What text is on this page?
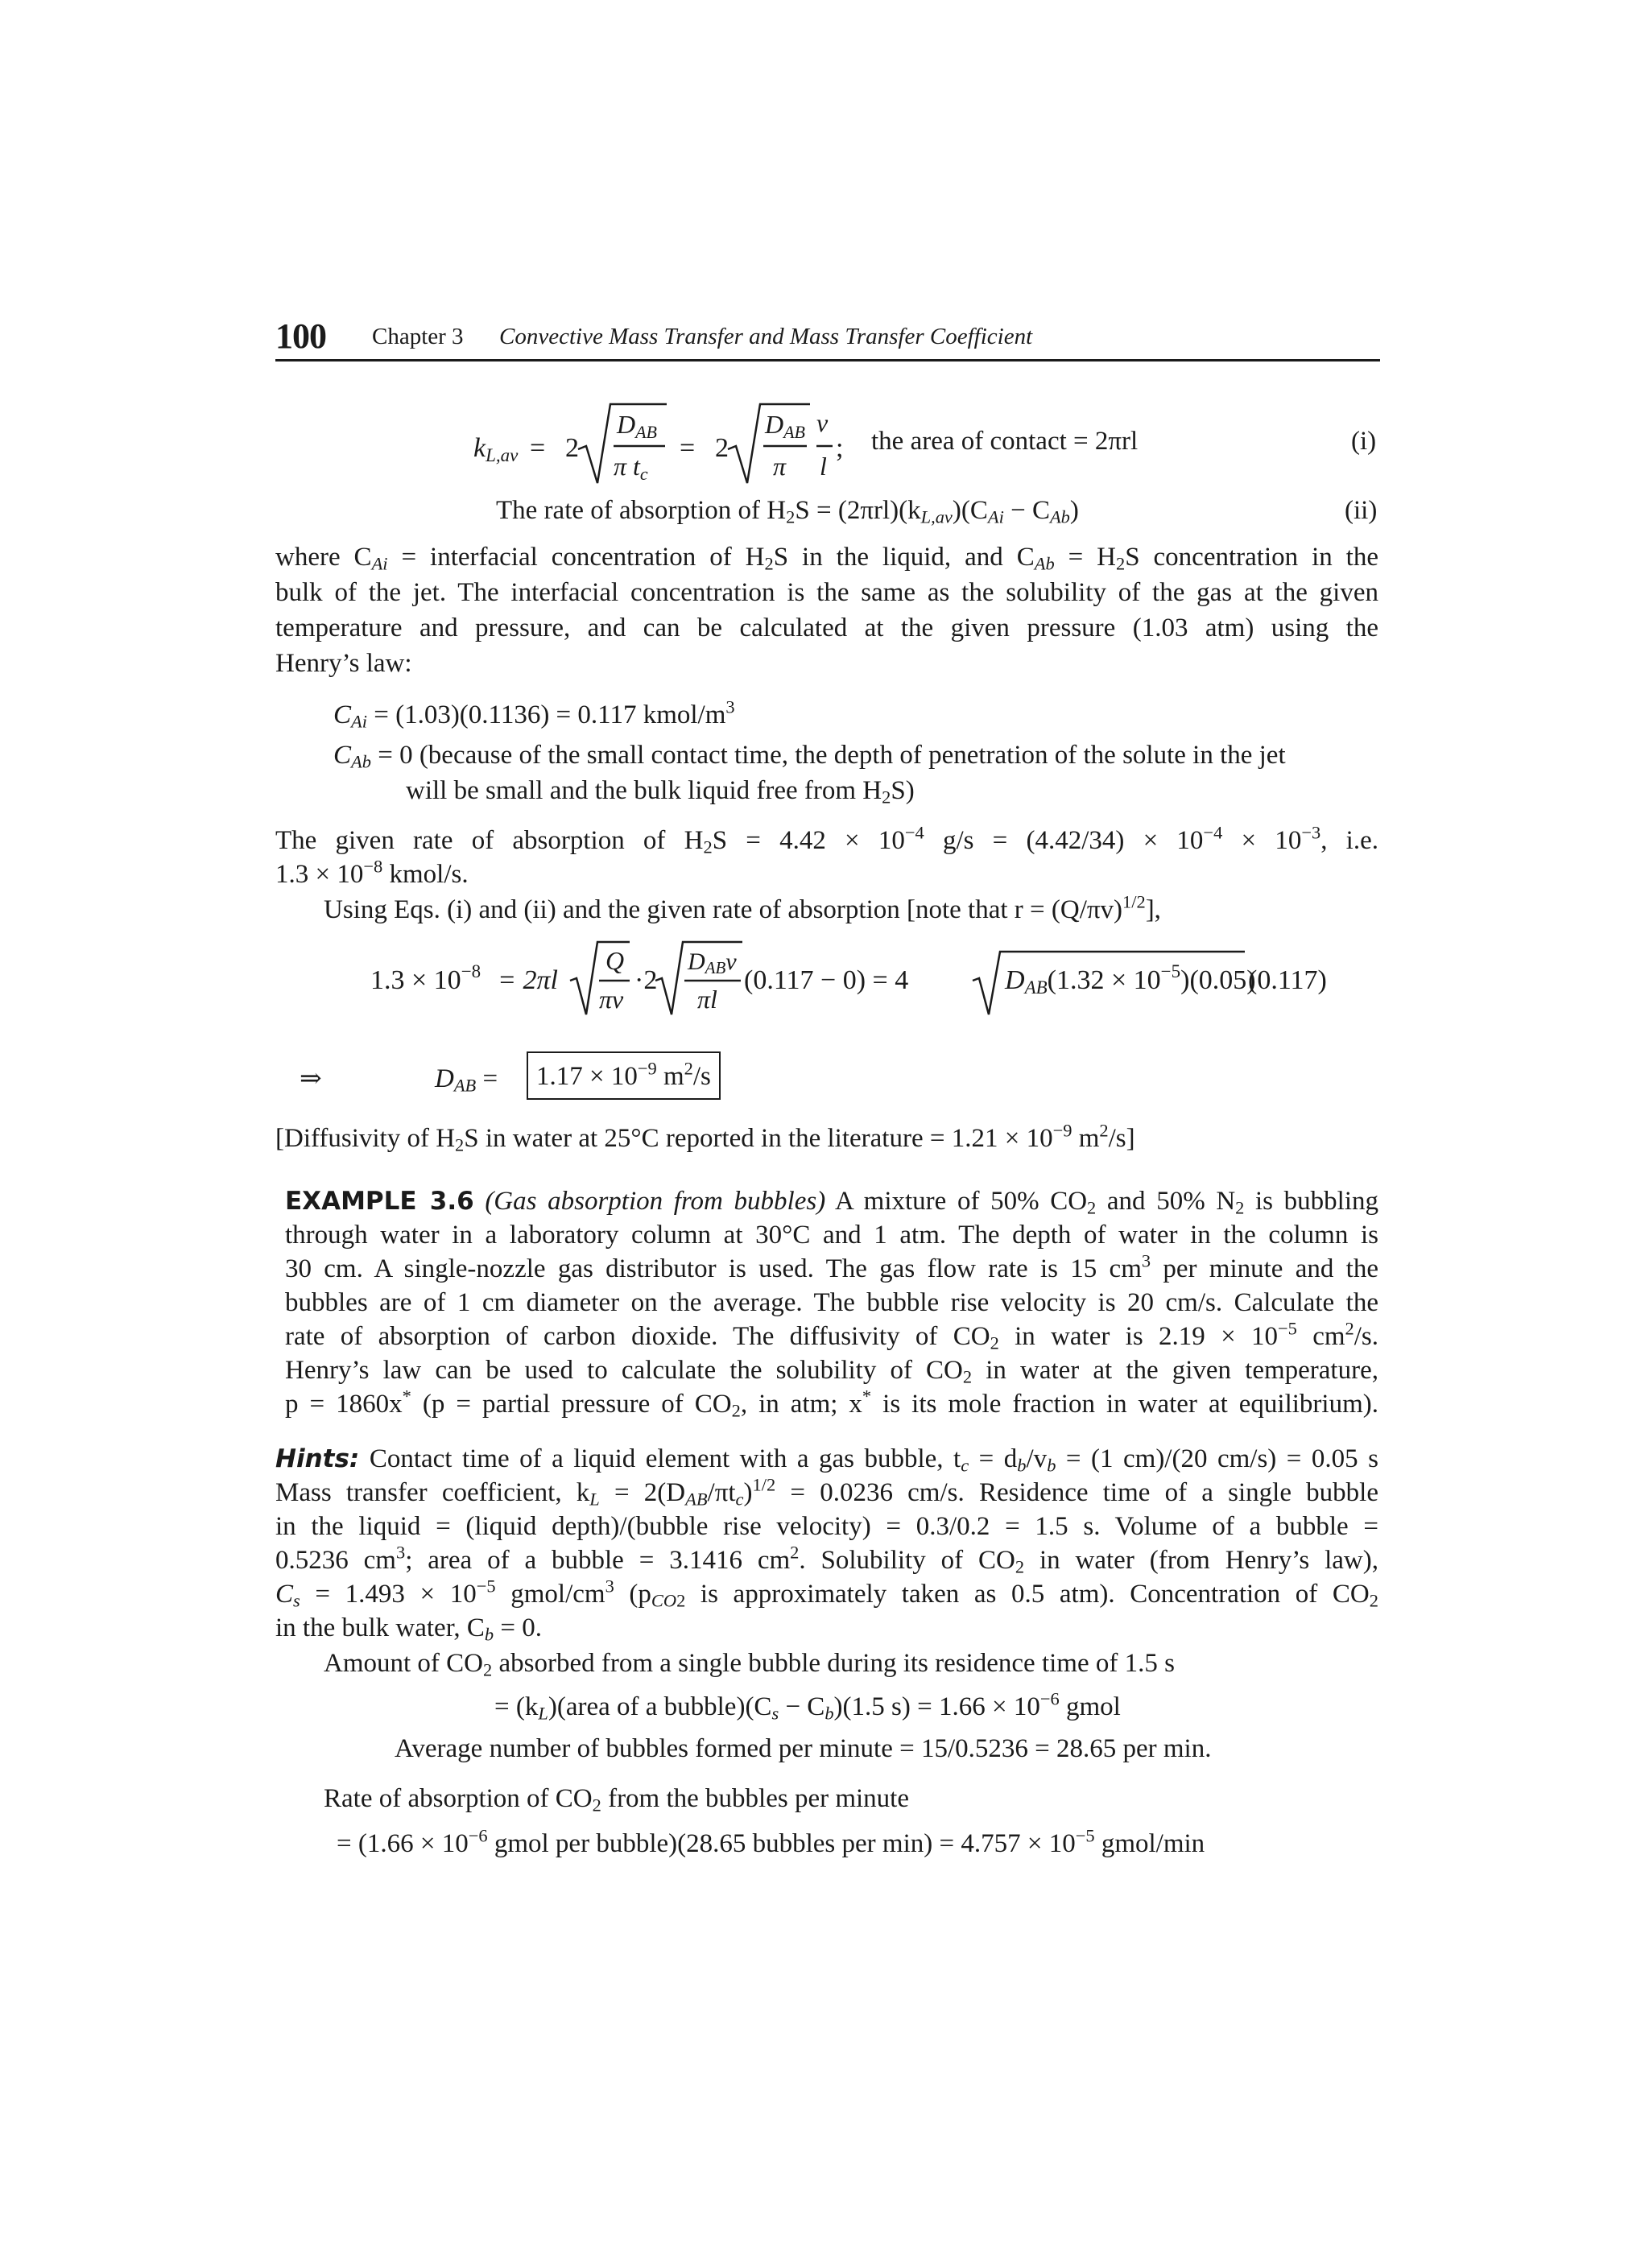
100 Chapter 3 Convective Mass Transfer and Mass Transfer Coefficient
kL,av = 2
DAB
π tc
= 2
DAB v
π l
; the area of contact = 2πrl	(i)
The rate of absorption of $H_2S = (2\pi rl)(k_{L,av})(C_{Ai} - C_{Ab})$	(ii)
where $C_{Ai}$ = interfacial concentration of $H_2S$ in the liquid, and $C_{Ab} = H_2S$ concentration in the
bulk of the jet. The interfacial concentration is the same as the solubility of the gas at the given
temperature and pressure, and can be calculated at the given pressure (1.03 atm) using the
Henry’s law:
$C_{Ai} = (1.03)(0.1136) = 0.117$ kmol/$m^3$
$C_{Ab} = 0$ (because of the small contact time, the depth of penetration of the solute in the jet
will be small and the bulk liquid free from $H_2S$)
The given rate of absorption of $H_2S = 4.42 \times 10^{-4}$ $g/s = (4.42/34) \times 10^{-4} \times 10^{-3}$, i.e.
$1.3 \times 10^{-8}$ kmol/s.
Using Eqs. (i) and (ii) and the given rate of absorption [note that $r = (Q/\pi v)^{1/2}$],
$1.3 \times 10^{-8} = 2\pi l$
Q
πv
·2
DABv
πl
(0.117 − 0) = 4	$DAB(1.32 \times 10^{-5})(0.05)$
(0.117)
⇒	$D_{AB}$ =	$1.17 \times 10^{-9}$ $m^2/s$
[Diffusivity of $H_2S$ in water at 25°C reported in the literature = $1.21 \times 10^{-9}$ $m^2/s$]
EXAMPLE 3.6 (Gas absorption from bubbles) A mixture of 50% $CO_2$ and 50% $N_2$ is bubbling
through water in a laboratory column at 30°C and 1 atm. The depth of water in the column is
30 cm. A single-nozzle gas distributor is used. The gas flow rate is 15 $cm^3$ per minute and the
bubbles are of 1 cm diameter on the average. The bubble rise velocity is 20 cm/s. Calculate the
rate of absorption of carbon dioxide. The diffusivity of $CO_2$ in water is $2.19 \times 10^{-5}$ $cm^2/s$.
Henry’s law can be used to calculate the solubility of $CO_2$ in water at the given temperature,
p = 1860x* (p = partial pressure of $CO_2$, in atm; x* is its mole fraction in water at equilibrium).
Hints: Contact time of a liquid element with a gas bubble, $t_c = d_b/v_b = (1$ cm)/(20 cm/s) = 0.05 s
Mass transfer coefficient, $k_L = 2(D_{AB}/\pi t_c)^{1/2} = 0.0236$ cm/s. Residence time of a single bubble
in the liquid = (liquid depth)/(bubble rise velocity) = 0.3/0.2 = 1.5 s. Volume of a bubble =
0.5236 $cm^3$; area of a bubble = 3.1416 $cm^2$. Solubility of $CO_2$ in water (from Henry’s law),
$C_s = 1.493 \times 10^{-5}$ gmol/$cm^3$ ($p_{CO2}$ is approximately taken as 0.5 atm). Concentration of $CO_2$
in the bulk water, $C_b = 0$.
Amount of $CO_2$ absorbed from a single bubble during its residence time of 1.5 s
= $(k_L)(area$ of a $bubble)(C_s - C_b)(1.5$ $s) = 1.66 \times 10^{-6}$ gmol
Average number of bubbles formed per minute = 15/0.5236 = 28.65 per min.
Rate of absorption of $CO_2$ from the bubbles per minute
= ($1.66 \times 10^{-6}$ gmol per bubble)(28.65 bubbles per $\min) = 4.757 \times 10^{-5}$ gmol/min
